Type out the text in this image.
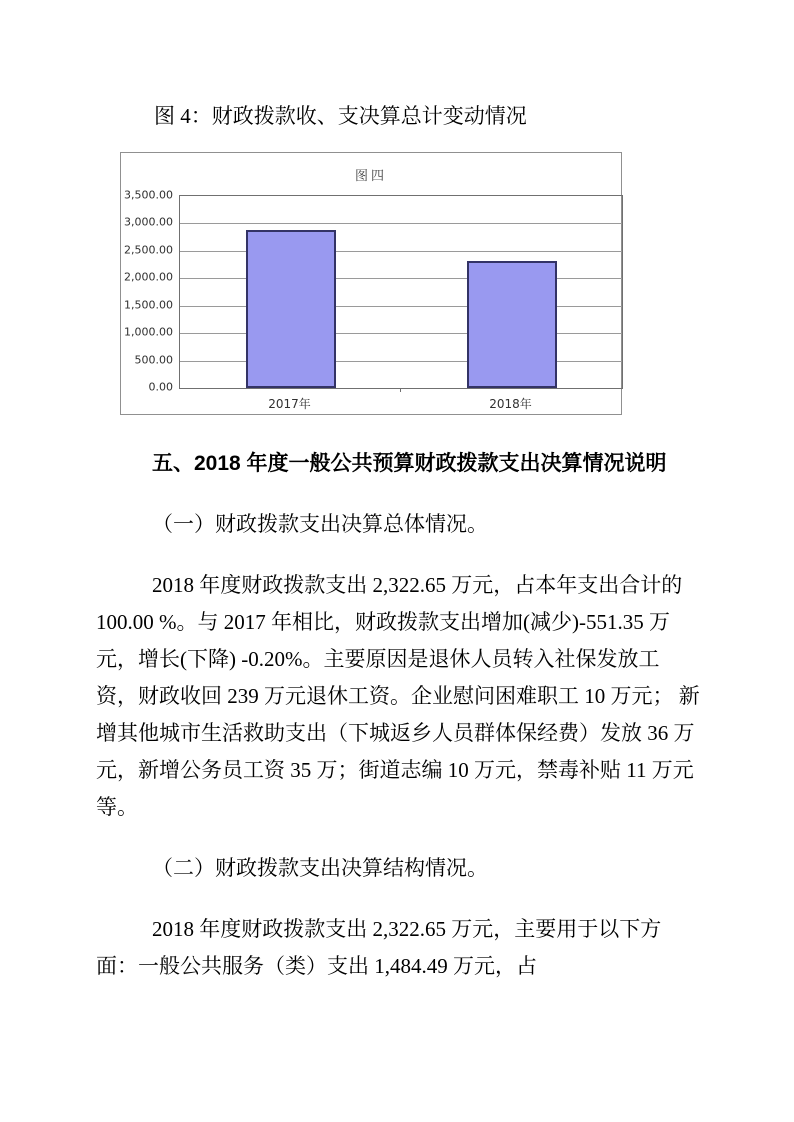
图 4：财政拨款收、支决算总计变动情况

图四
3,500.00
3,000.00
2,500.00
2,000.00
1,500.00
1,000.00
500.00
0.00
2017年	2018年
五、2018 年度一般公共预算财政拨款支出决算情况说明

（一）财政拨款支出决算总体情况。

2018 年度财政拨款支出 2,322.65 万元，占本年支出合计的 100.00 %。与 2017 年相比，财政拨款支出增加(减少)-551.35 万元，增长(下降) -0.20%。主要原因是退休人员转入社保发放工资，财政收回 239 万元退休工资。企业慰问困难职工 10 万元； 新增其他城市生活救助支出（下城返乡人员群体保经费）发放 36 万元，新增公务员工资 35 万；街道志编 10 万元，禁毒补贴 11 万元等。

（二）财政拨款支出决算结构情况。

2018 年度财政拨款支出 2,322.65 万元，主要用于以下方面：一般公共服务（类）支出 1,484.49 万元，占
